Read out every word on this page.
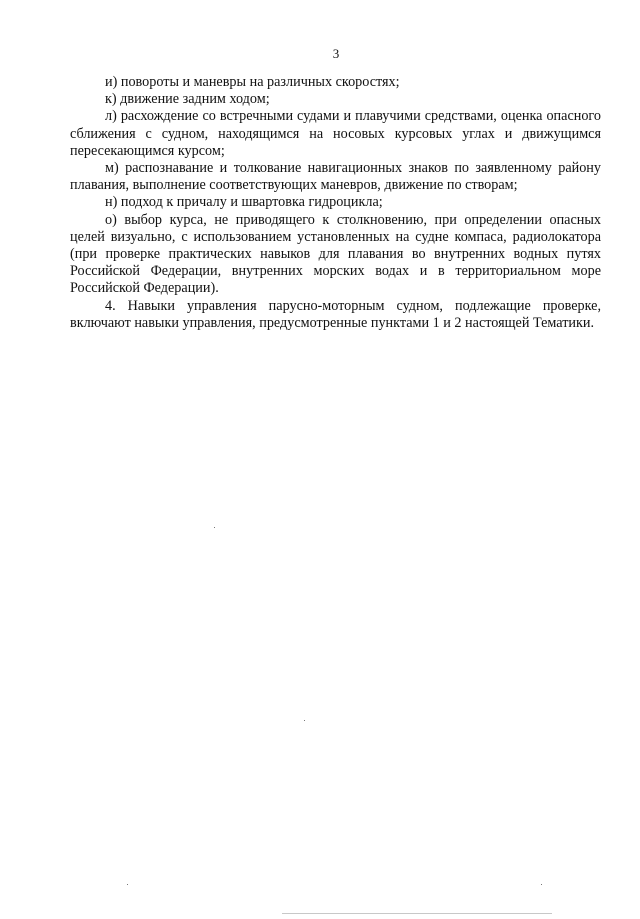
3

и) повороты и маневры на различных скоростях;

к) движение задним ходом;

л) расхождение со встречными судами и плавучими средствами, оценка опасного сближения с судном, находящимся на носовых курсовых углах и движущимся пересекающимся курсом;

м) распознавание и толкование навигационных знаков по заявленному району плавания, выполнение соответствующих маневров, движение по створам;

н) подход к причалу и швартовка гидроцикла;

о) выбор курса, не приводящего к столкновению, при определении опасных целей визуально, с использованием установленных на судне компаса, радиолокатора (при проверке практических навыков для плавания во внутренних водных путях Российской Федерации, внутренних морских водах и в территориальном море Российской Федерации).

4. Навыки управления парусно-моторным судном, подлежащие проверке, включают навыки управления, предусмотренные пунктами 1 и 2 настоящей Тематики.
